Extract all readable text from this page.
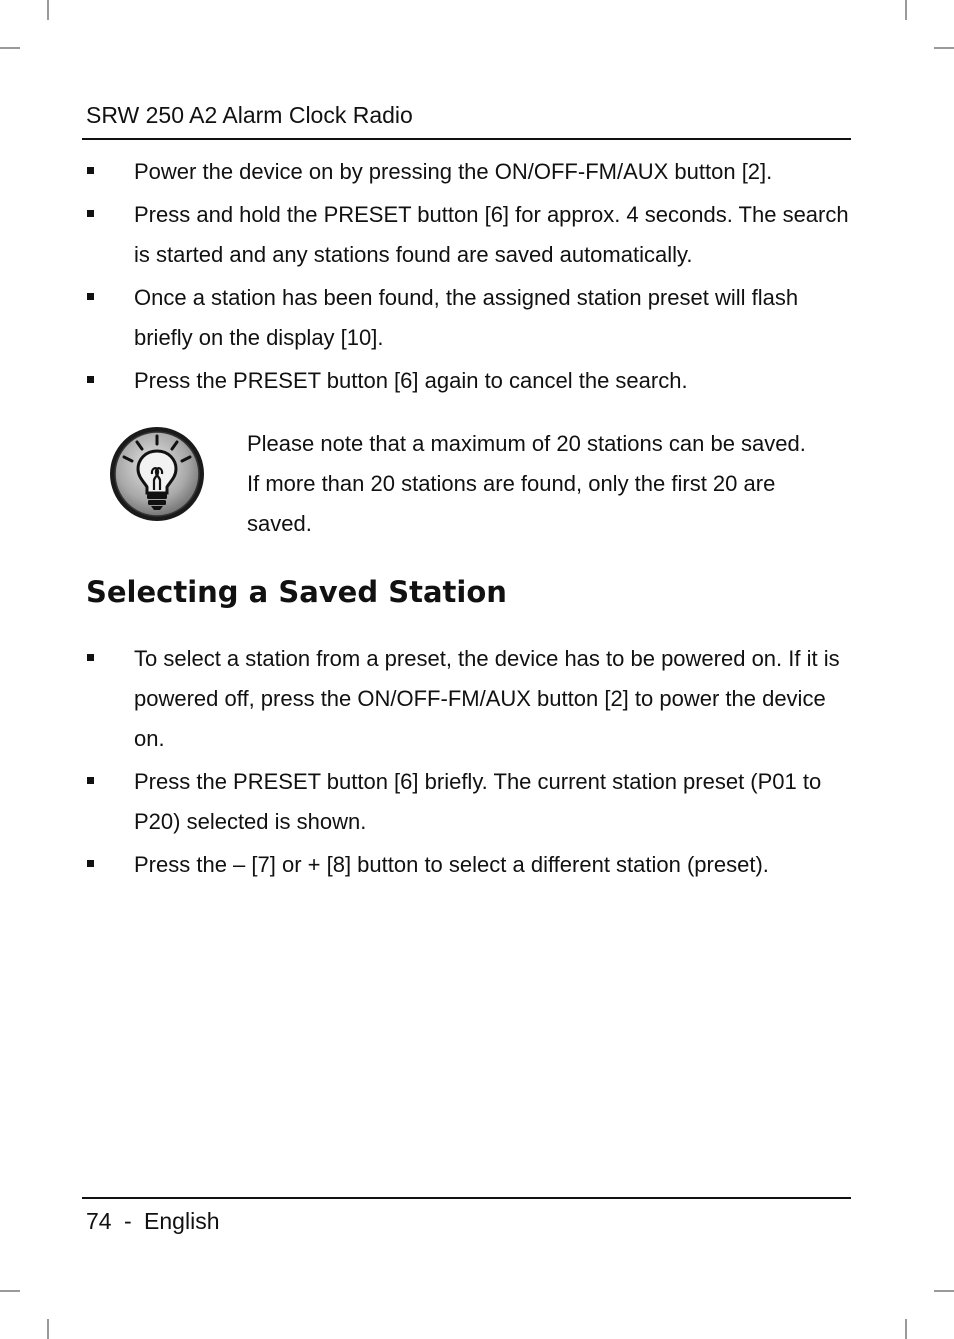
SRW 250 A2 Alarm Clock Radio
Power the device on by pressing the ON/OFF-FM/AUX button [2].
Press and hold the PRESET button [6] for approx. 4 seconds. The search is started and any stations found are saved automatically.
Once a station has been found, the assigned station preset will flash briefly on the display [10].
Press the PRESET button [6] again to cancel the search.
Please note that a maximum of 20 stations can be saved.
If more than 20 stations are found, only the first 20 are
saved.
Selecting a Saved Station
To select a station from a preset, the device has to be powered on. If it is powered off, press the ON/OFF-FM/AUX button [2] to power the device on.
Press the PRESET button [6] briefly. The current station preset (P01 to P20) selected is shown.
Press the – [7] or + [8] button to select a different station (preset).
74 - English
